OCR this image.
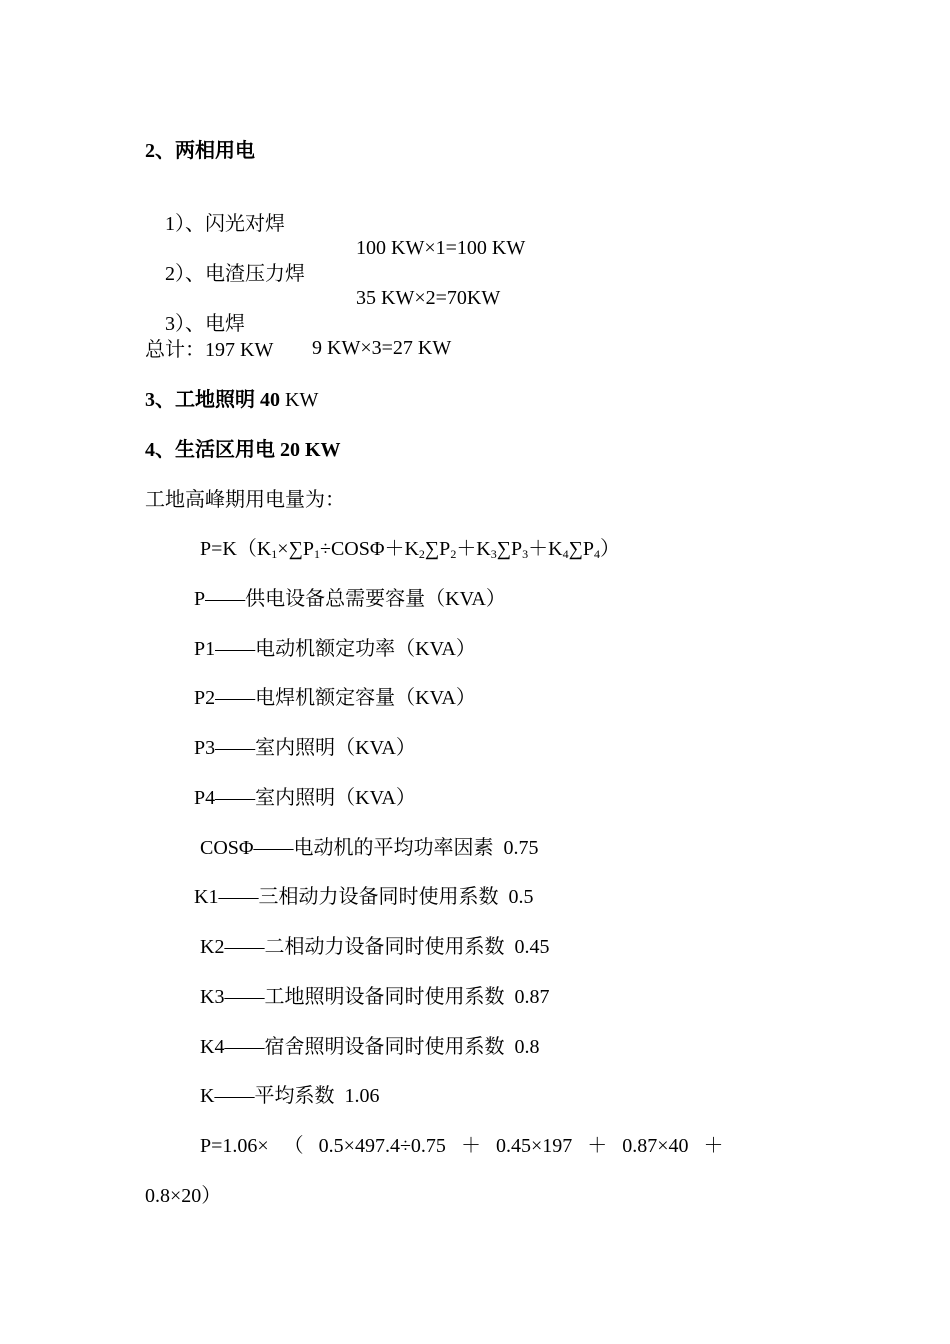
2、两相用电

1）、闪光对焊

100 KW×1=100 KW

2）、电渣压力焊

35 KW×2=70KW

3）、电焊

9 KW×3=27 KW

总计：197 KW
3、工地照明 40 KW
4、生活区用电 20 KW
工地高峰期用电量为：
$P=K(K_1\times\sum P_1\div COS\Phi+K_2\sum P_2+K_3\sum P_3+K_4\sum P_4)$
P——供电设备总需要容量（KVA）
P1——电动机额定功率（KVA）
P2——电焊机额定容量（KVA）
P3——室内照明（KVA）
P4——室内照明（KVA）
COSΦ——电动机的平均功率因素  0.75
K1——三相动力设备同时使用系数  0.5
K2——二相动力设备同时使用系数  0.45
K3——工地照明设备同时使用系数  0.87
K4——宿舍照明设备同时使用系数  0.8
K——平均系数  1.06
P=1.06×   （   0.5×497.4÷0.75   ＋   0.45×197   ＋   0.87×40   ＋
0.8×20）
